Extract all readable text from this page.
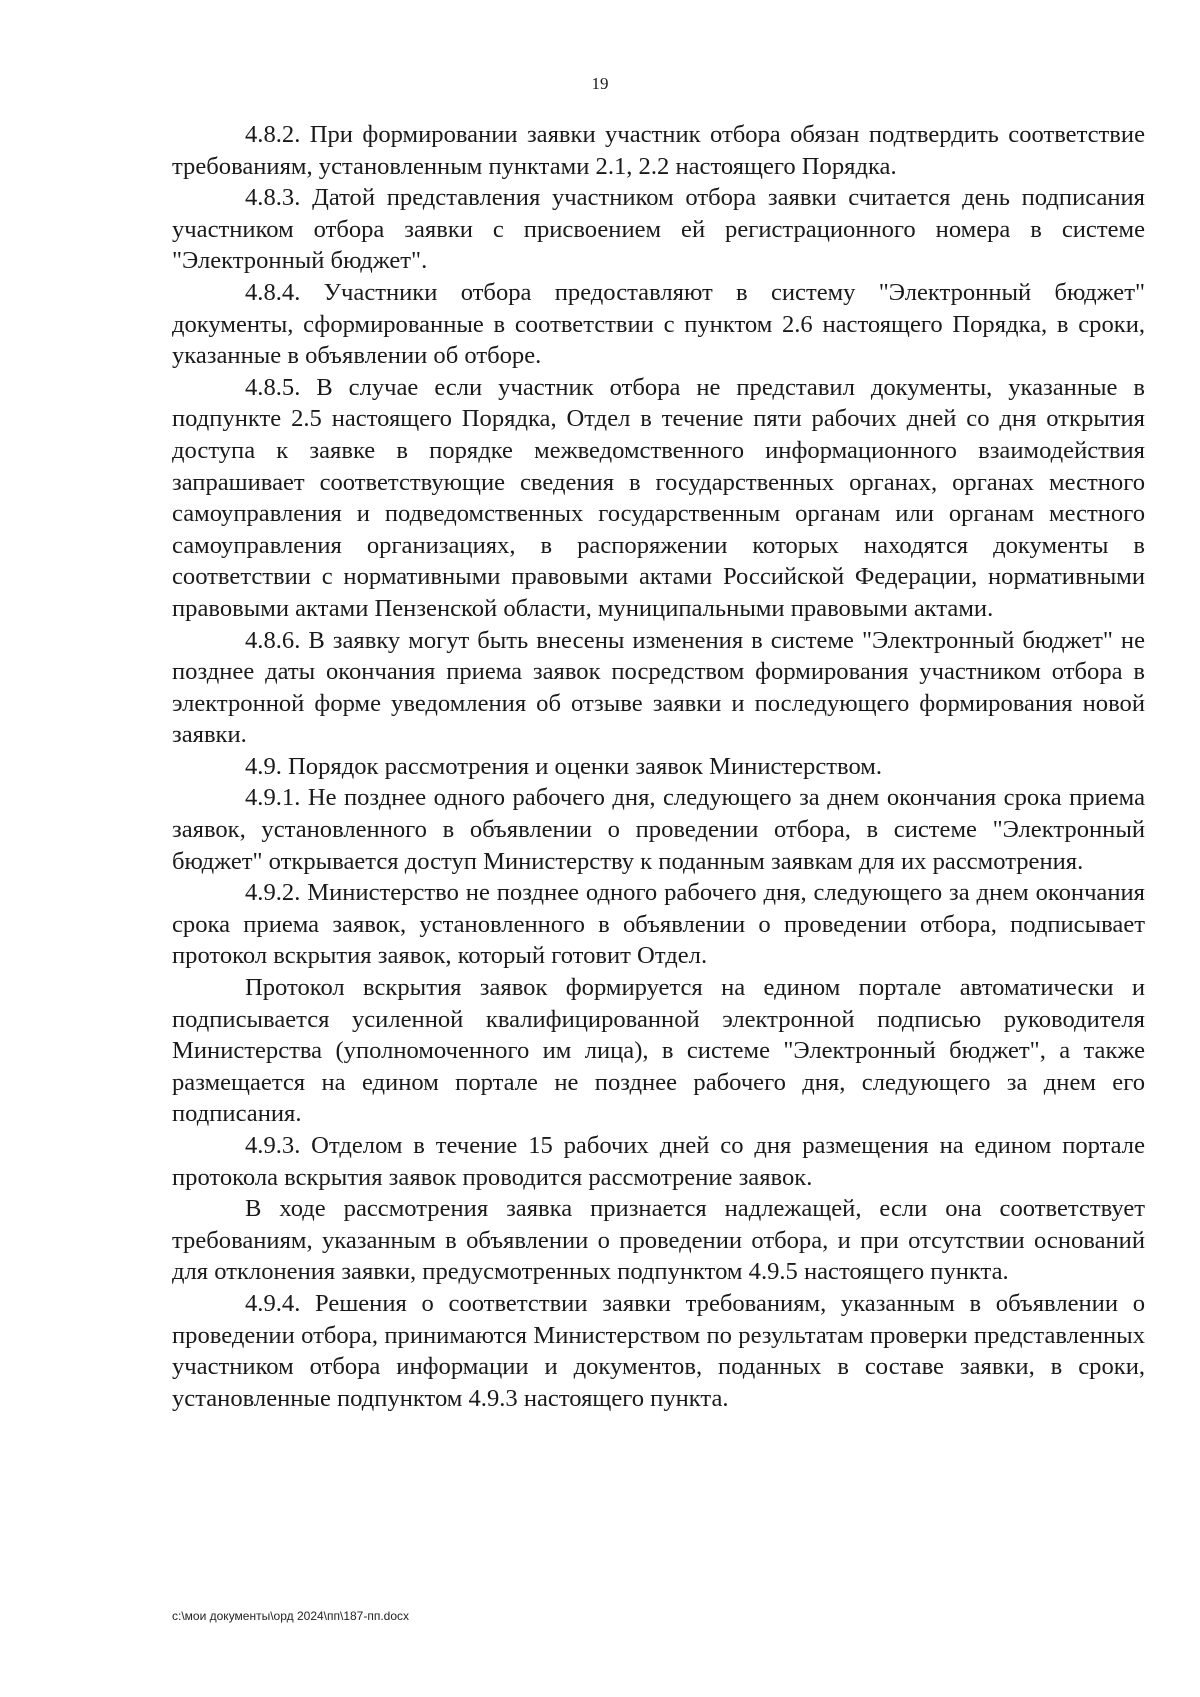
19

4.8.2. При формировании заявки участник отбора обязан подтвердить соответствие требованиям, установленным пунктами 2.1, 2.2 настоящего Порядка.

4.8.3. Датой представления участником отбора заявки считается день подписания участником отбора заявки с присвоением ей регистрационного номера в системе "Электронный бюджет".

4.8.4. Участники отбора предоставляют в систему "Электронный бюджет" документы, сформированные в соответствии с пунктом 2.6 настоящего Порядка, в сроки, указанные в объявлении об отборе.

4.8.5. В случае если участник отбора не представил документы, указанные в подпункте 2.5 настоящего Порядка, Отдел в течение пяти рабочих дней со дня открытия доступа к заявке в порядке межведомственного информационного взаимодействия запрашивает соответствующие сведения в государственных органах, органах местного самоуправления и подведомственных государственным органам или органам местного самоуправления организациях, в распоряжении которых находятся документы в соответствии с нормативными правовыми актами Российской Федерации, нормативными правовыми актами Пензенской области, муниципальными правовыми актами.

4.8.6. В заявку могут быть внесены изменения в системе "Электронный бюджет" не позднее даты окончания приема заявок посредством формирования участником отбора в электронной форме уведомления об отзыве заявки и последующего формирования новой заявки.

4.9. Порядок рассмотрения и оценки заявок Министерством.

4.9.1. Не позднее одного рабочего дня, следующего за днем окончания срока приема заявок, установленного в объявлении о проведении отбора, в системе "Электронный бюджет" открывается доступ Министерству к поданным заявкам для их рассмотрения.

4.9.2. Министерство не позднее одного рабочего дня, следующего за днем окончания срока приема заявок, установленного в объявлении о проведении отбора, подписывает протокол вскрытия заявок, который готовит Отдел.

Протокол вскрытия заявок формируется на едином портале автоматически и подписывается усиленной квалифицированной электронной подписью руководителя Министерства (уполномоченного им лица), в системе "Электронный бюджет", а также размещается на едином портале не позднее рабочего дня, следующего за днем его подписания.

4.9.3. Отделом в течение 15 рабочих дней со дня размещения на едином портале протокола вскрытия заявок проводится рассмотрение заявок.

В ходе рассмотрения заявка признается надлежащей, если она соответствует требованиям, указанным в объявлении о проведении отбора, и при отсутствии оснований для отклонения заявки, предусмотренных подпунктом 4.9.5 настоящего пункта.

4.9.4. Решения о соответствии заявки требованиям, указанным в объявлении о проведении отбора, принимаются Министерством по результатам проверки представленных участником отбора информации и документов, поданных в составе заявки, в сроки, установленные подпунктом 4.9.3 настоящего пункта.

c:\мои документы\орд 2024\пп\187-пп.docx
